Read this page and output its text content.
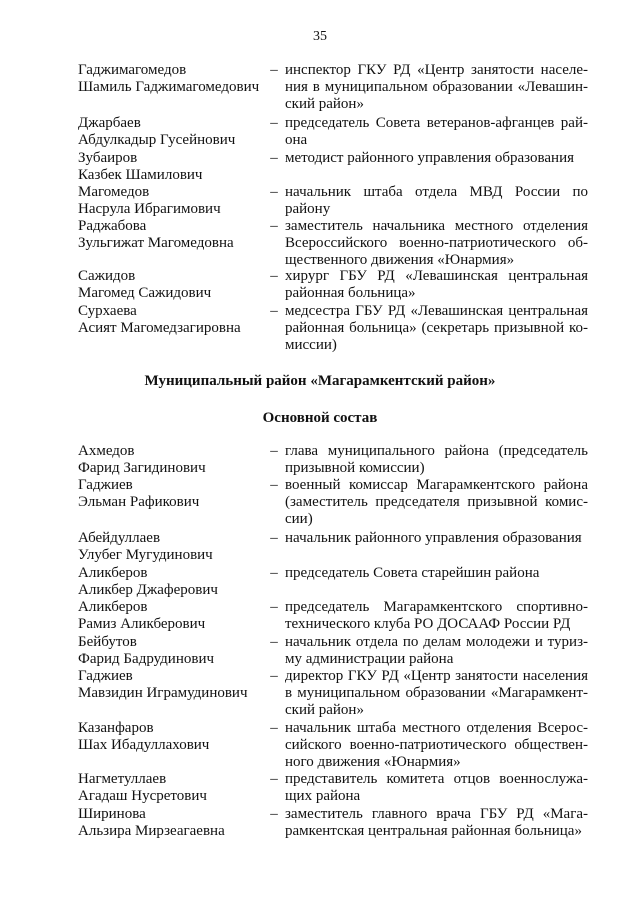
35
Гаджимагомедов
Шамиль Гаджимагомедович
– инспектор ГКУ РД «Центр занятости населе-ния в муниципальном образовании «Левашин-ский район»
Джарбаев
Абдулкадыр Гусейнович
– председатель Совета ветеранов-афганцев рай-она
Зубаиров
Казбек Шамилович
– методист районного управления образования
Магомедов
Насрула Ибрагимович
– начальник штаба отдела МВД России по району
Раджабова
Зульгижат Магомедовна
– заместитель начальника местного отделения Всероссийского военно-патриотического об-щественного движения «Юнармия»
Сажидов
Магомед Сажидович
– хирург ГБУ РД «Левашинская центральная районная больница»
Сурхаева
Асият Магомедзагировна
– медсестра ГБУ РД «Левашинская центральная районная больница» (секретарь призывной ко-миссии)
Муниципальный район «Магарамкентский район»
Основной состав
Ахмедов
Фарид Загидинович
– глава муниципального района (председатель призывной комиссии)
Гаджиев
Эльман Рафикович
– военный комиссар Магарамкентского района (заместитель председателя призывной комис-сии)
Абейдуллаев
Улубег Мугудинович
– начальник районного управления образования
Аликберов
Аликбер Джаферович
– председатель Совета старейшин района
Аликберов
Рамиз Аликберович
– председатель Магарамкентского спортивно-технического клуба РО ДОСААФ России РД
Бейбутов
Фарид Бадрудинович
– начальник отдела по делам молодежи и туриз-му администрации района
Гаджиев
Мавзидин Играмудинович
– директор ГКУ РД «Центр занятости населения в муниципальном образовании «Магарамкент-ский район»
Казанфаров
Шах Ибадуллахович
– начальник штаба местного отделения Всерос-сийского военно-патриотического обществен-ного движения «Юнармия»
Нагметуллаев
Агадаш Нусретович
– представитель комитета отцов военнослужа-щих района
Ширинова
Альзира Мирзеагаевна
– заместитель главного врача ГБУ РД «Мага-рамкентская центральная районная больница»
